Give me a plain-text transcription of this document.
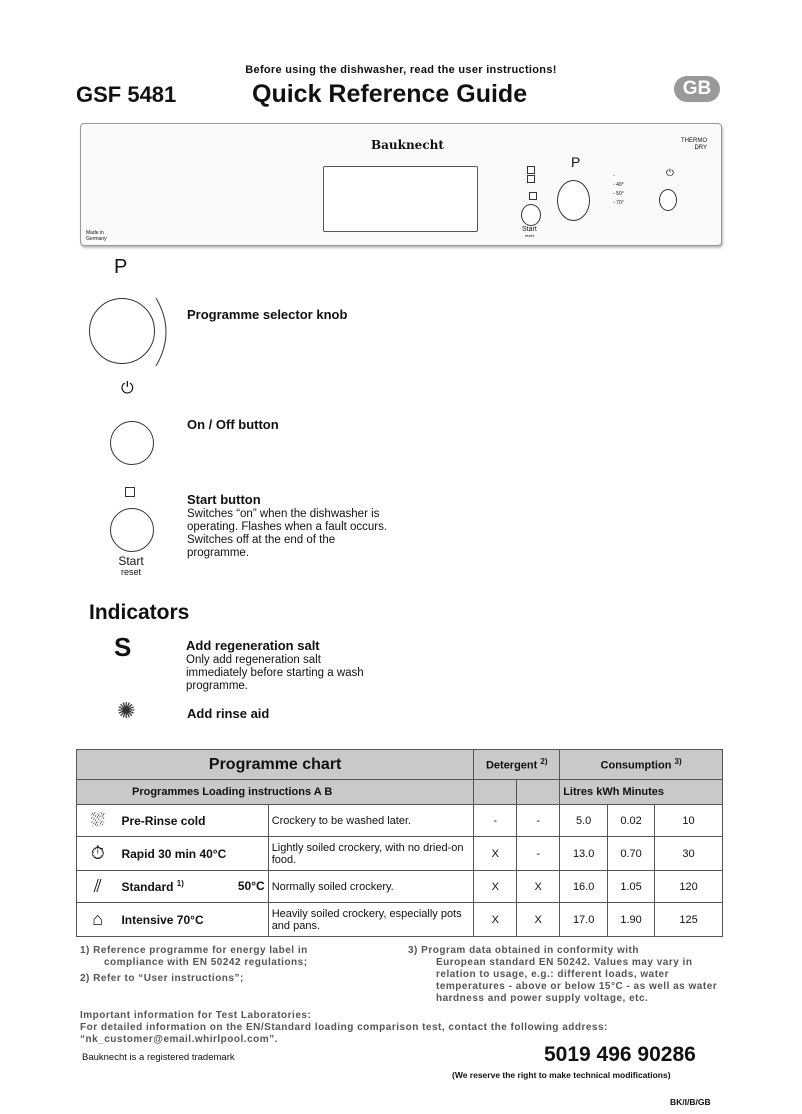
Before using the dishwasher, read the user instructions!
GSF 5481	Quick Reference Guide	GB
Bauknecht	THERMO
DRY
Made in
Germany
Start
reset
P
▫
▫ 40°
▫ 50°
▫ 70°
⏻
P
Programme selector knob
⏻
On / Off button
Start
reset
Start button
Switches “on” when the dishwasher is operating. Flashes when a fault occurs. Switches off at the end of the programme.
Indicators
S	Add regeneration salt
Only add regeneration salt immediately before starting a wash programme.
✺	Add rinse aid
Programme chart			Detergent $^{2)}$		Consumption $^{3)}$
Programmes Loading instructions A B					Litres kWh Minutes		
⛆	Pre-Rinse cold	Crockery to be washed later.	-	-	5.0	0.02	10
⏱	Rapid 30 min 40°C	Lightly soiled crockery, with no dried-on food.	X	-	13.0	0.70	30
⫽	Standard $^{1)}$ 50°C	Normally soiled crockery.	X	X	16.0	1.05	120
⌂	Intensive 70°C	Heavily soiled crockery, especially pots and pans.	X	X	17.0	1.90	125
1) Reference programme for energy label in
compliance with EN 50242 regulations;
2) Refer to “User instructions”;
3) Program data obtained in conformity with

European standard EN 50242. Values may vary in relation to usage, e.g.: different loads, water temperatures - above or below 15°C - as well as water hardness and power supply voltage, etc.
Important information for Test Laboratories:
For detailed information on the EN/Standard loading comparison test, contact the following address:
“nk_customer@email.whirlpool.com”.
Bauknecht is a registered trademark	5019 496 90286
(We reserve the right to make technical modifications)
BK/I/B/GB
